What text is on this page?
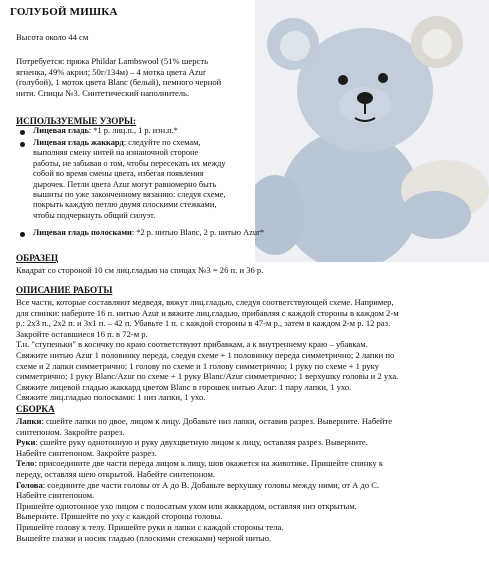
ГОЛУБОЙ МИШКА
Высота около 44 см
Потребуется: пряжа Phildar Lambswool (51% шерсть
ягненка, 49% акрил; 50г/134м) – 4 мотка цвета Azur
(голубой), 1 моток цвета Blanc (белый), немного черной
нити. Спицы №3. Синтетический наполнитель.
ИСПОЛЬЗУЕМЫЕ УЗОРЫ:
Лицевая гладь: *1 р. лиц.п., 1 р. изн.п.*
Лицевая гладь жаккард: следуйте по схемам,
выполняя смену нитей на изнаночной стороне
работы, не забывая о том, чтобы пересекать их между
собой во время смены цвета, избегая появления
дырочек. Петли цвета Azur могут равномерно быть
вышиты по уже законченному вязанию: следуя схеме,
покрыть каждую петлю двумя плоскими стежками,
чтобы подчеркнуть общий силуэт.
Лицевая гладь полосками: *2 р. нитью Blanc, 2 р. нитью Azur*
ОБРАЗЕЦ
Квадрат со стороной 10 см лиц.гладью на спицах №3 = 26 п. и 36 р.
ОПИСАНИЕ РАБОТЫ
Все части, которые составляют медведя, вяжут лиц.гладью, следуя соответствующей схеме. Например,
для спинки: наберите 16 п. нитью Azur и вяжите лиц.гладью, прибавляя с каждой стороны в каждом 2-м
р.: 2х3 п., 2х2 п. и 3х1 п. – 42 п. Убавьте 1 п. с каждой стороны в 47-м р., затем в каждом 2-м р. 12 раз.
Закройте оставшиеся 16 п. в 72-м р.
Т.н. "ступеньки" в косичку по краю соответствуют прибавкам, а к внутреннему краю – убавкам.
Свяжите нитью Azur 1 половинку переда, следуя схеме + 1 половинку переда симметрично; 2 лапки по
схеме и 2 лапки симметрично; 1 голову по схеме и 1 голову симметрично; 1 руку по схеме + 1 руку
симметрично; 1 руку Blanc/Azur по схеме + 1 руку Blanc/Azur симметрично; 1 верхушку головы и 2 уха.
Свяжите лицевой гладью жаккард цветом Blanc в горошек нитью Azur: 1 пару лапки, 1 ухо.
Свяжите лиц.гладью полосками: 1 низ лапки, 1 ухо.
СБОРКА
Лапки: сшейте лапки по двое, лицом к лицу. Добавьте низ лапки, оставив разрез. Выверните. Набейте
синтепоном. Закройте разрез.
Руки: сшейте руку однотонную и руку двухцветную лицом к лицу, оставляя разрез. Выверните.
Набейте синтепоном. Закройте разрез.
Тело: присоедините две части переда лицом к лицу, шов окажется на животике. Пришейте спинку к
переду, оставляя шею открытой. Набейте синтепоном.
Голова: соедините две части головы от А до В. Добавьте верхушку головы между ними, от А до С.
Набейте синтепоном.
Пришейте однотонное ухо лицом с полосатым ухом или жаккардом, оставляя низ открытым.
Выверните. Пришейте по уху с каждой стороны головы.
Пришейте голову к телу. Пришейте руки и лапки с каждой стороны тела.
Вышейте глазки и носик гладью (плоскими стежками) черной нитью.
